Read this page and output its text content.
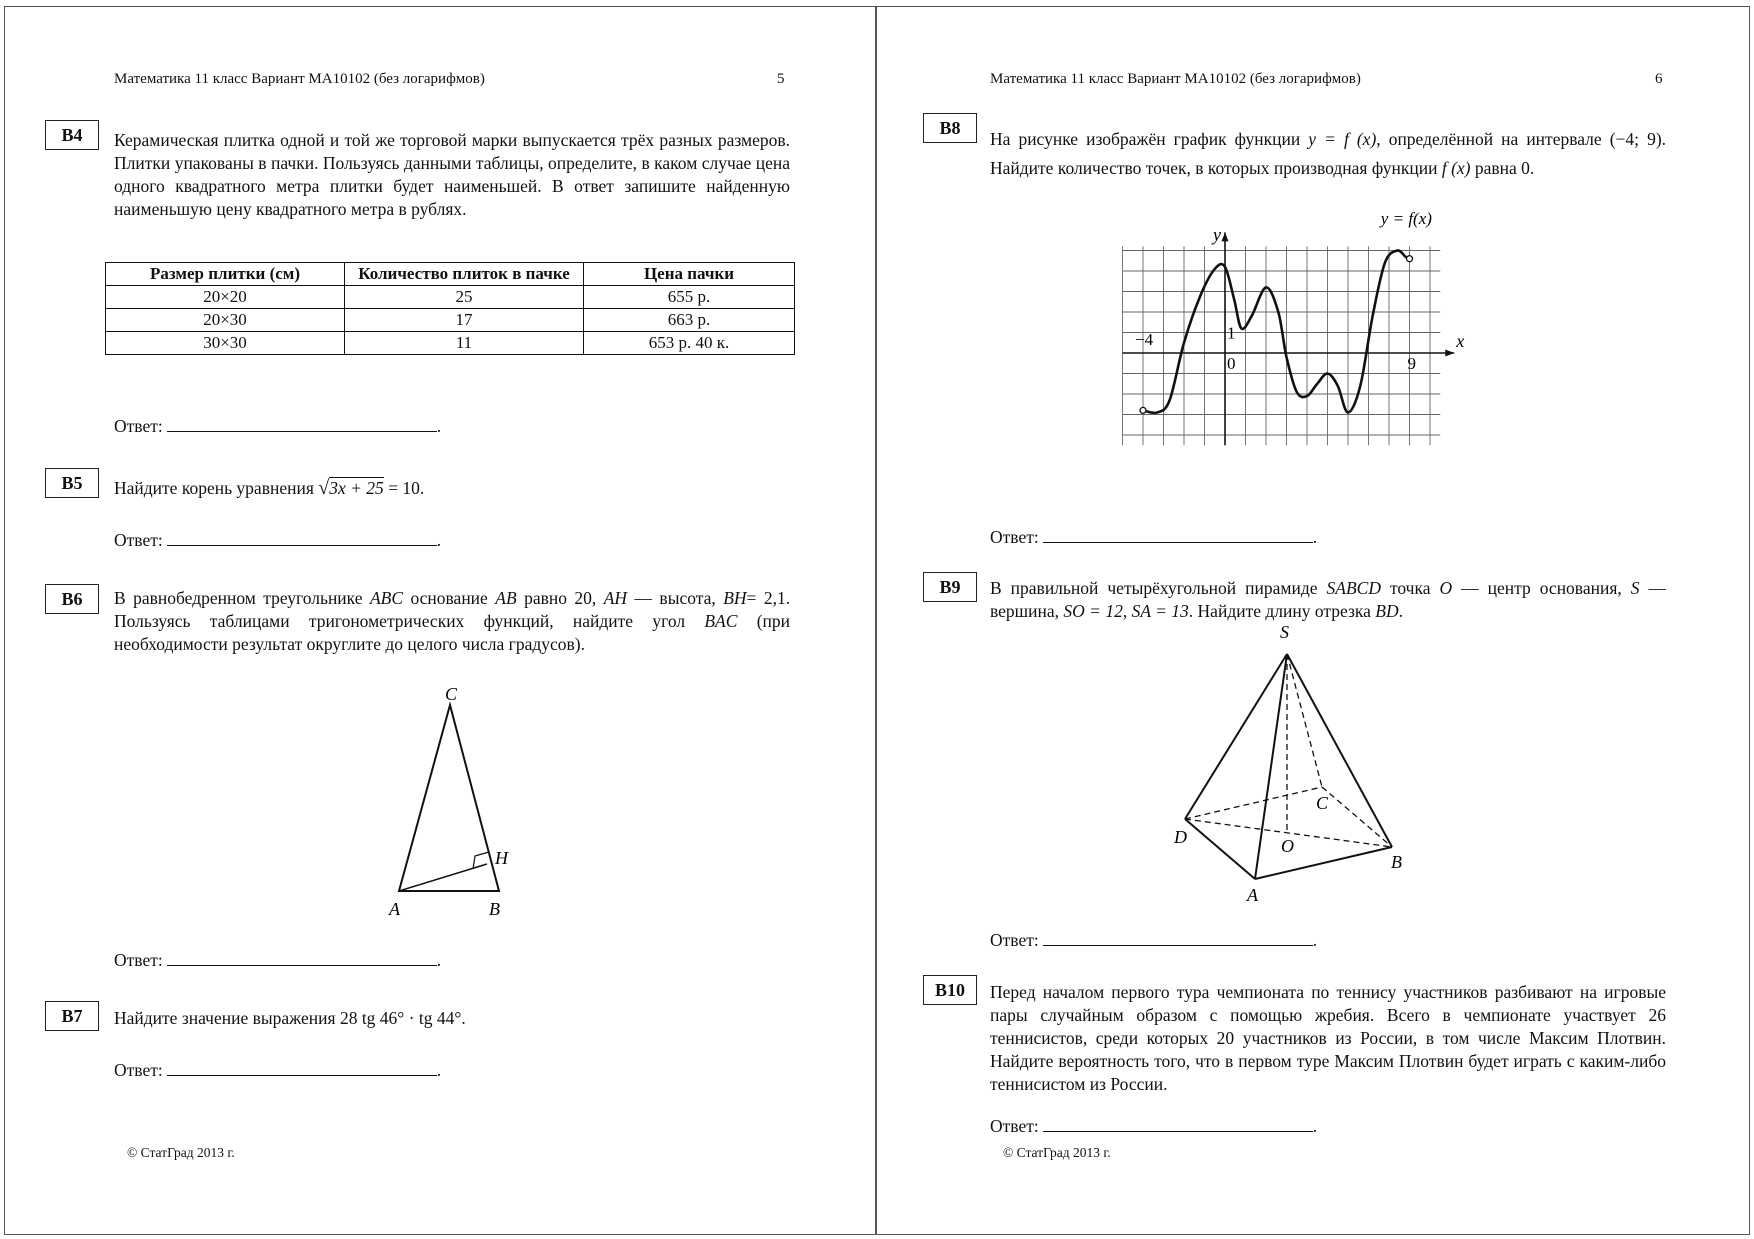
Математика 11 класс Вариант МА10102 (без логарифмов)	5
B4	Керамическая плитка одной и той же торговой марки выпускается трёх разных размеров. Плитки упакованы в пачки. Пользуясь данными таблицы, определите, в каком случае цена одного квадратного метра плитки будет наименьшей. В ответ запишите найденную наименьшую цену квадратного метра в рублях.
Размер плитки (см)	Количество плиток в пачке	Цена пачки
20×20	25	655 р.
20×30	17	663 р.
30×30	11	653 р. 40 к.
Ответ:	.
B5	Найдите корень уравнения √3x + 25 = 10.
Ответ:	.
B6	В равнобедренном треугольнике ABC основание AB равно 20, AH — высота, BH= 2,1. Пользуясь таблицами тригонометрических функций, найдите угол BAC (при необходимости результат округлите до целого числа градусов).
C
A	B
H
Ответ:	.
B7	Найдите значение выражения 28 tg 46° · tg 44°.
Ответ:	.
© СтатГрад 2013 г.
Математика 11 класс Вариант МА10102 (без логарифмов)	6
B8
На рисунке изображён график функции y = f (x), определённой на интервале (−4; 9). Найдите количество точек, в которых производная функции f (x) равна 0.
y = f(x)
x
y
−4
0	9
1
Ответ:	.
B9	В правильной четырёхугольной пирамиде SABCD точка O — центр основания, S — вершина, SO = 12, SA = 13. Найдите длину отрезка BD.
S
D
C
O
B
A
Ответ:	.
B10	Перед началом первого тура чемпионата по теннису участников разбивают на игровые пары случайным образом с помощью жребия. Всего в чемпионате участвует 26 теннисистов, среди которых 20 участников из России, в том числе Максим Плотвин. Найдите вероятность того, что в первом туре Максим Плотвин будет играть с каким-либо теннисистом из России.
Ответ:	.
© СтатГрад 2013 г.
